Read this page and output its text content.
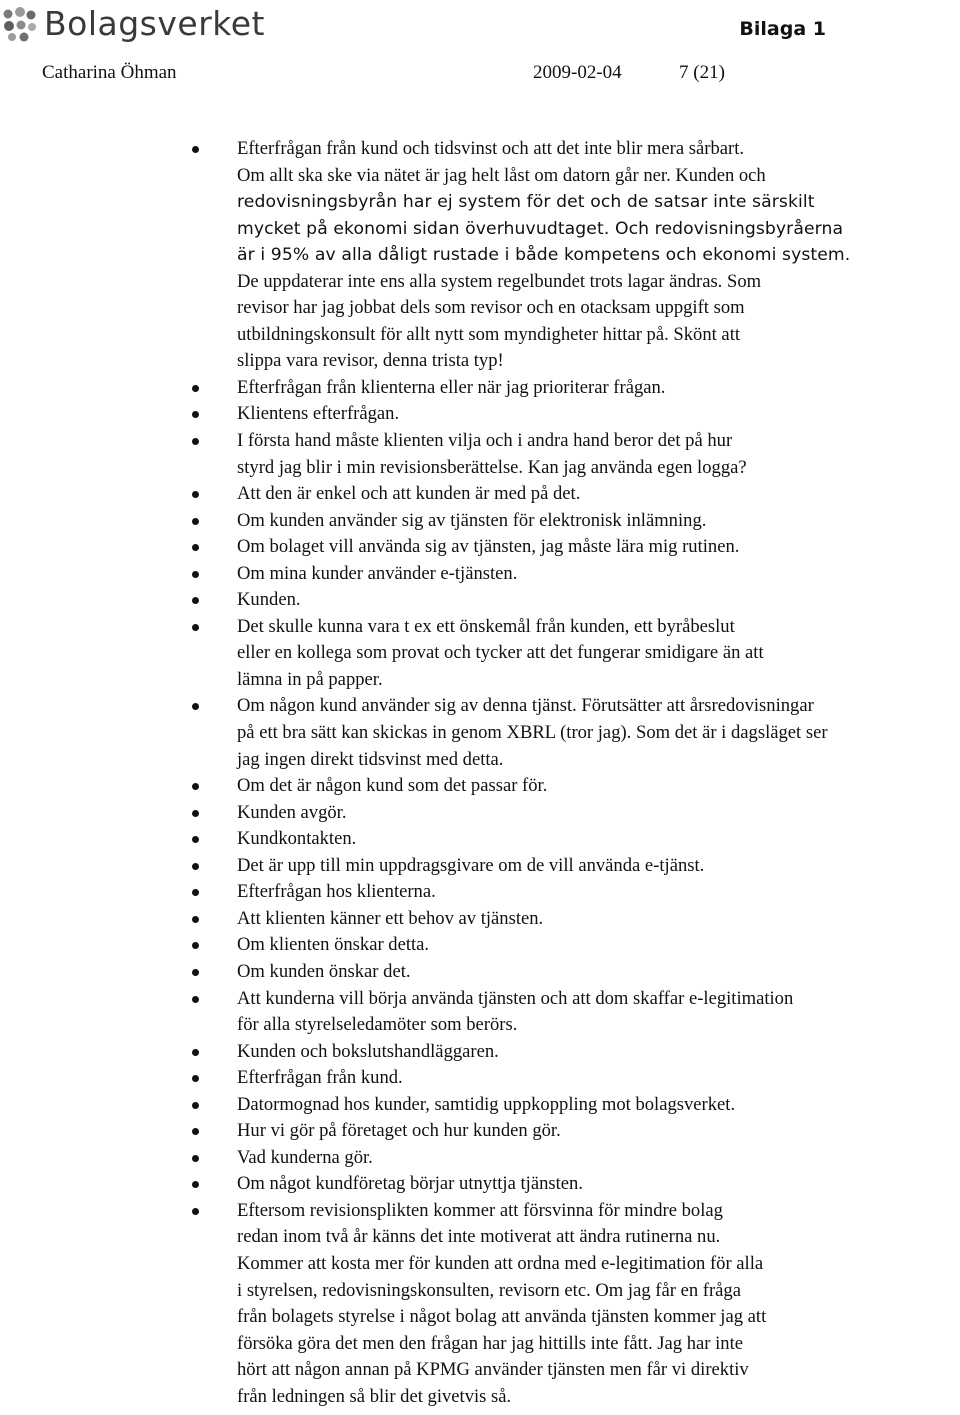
Bolagsverket	Bilaga 1
Catharina Öhman	2009-02-04	7 (21)
Efterfrågan från kund och tidsvinst och att det inte blir mera sårbart.
Om allt ska ske via nätet är jag helt låst om datorn går ner. Kunden och
redovisningsbyrån har ej system för det och de satsar inte särskilt
mycket på ekonomi sidan överhuvudtaget. Och redovisningsbyråerna
är i 95% av alla dåligt rustade i både kompetens och ekonomi system.
De uppdaterar inte ens alla system regelbundet trots lagar ändras. Som
revisor har jag jobbat dels som revisor och en otacksam uppgift som
utbildningskonsult för allt nytt som myndigheter hittar på. Skönt att
slippa vara revisor, denna trista typ!
Efterfrågan från klienterna eller när jag prioriterar frågan.
Klientens efterfrågan.
I första hand måste klienten vilja och i andra hand beror det på hur
styrd jag blir i min revisionsberättelse. Kan jag använda egen logga?
Att den är enkel och att kunden är med på det.
Om kunden använder sig av tjänsten för elektronisk inlämning.
Om bolaget vill använda sig av tjänsten, jag måste lära mig rutinen.
Om mina kunder använder e-tjänsten.
Kunden.
Det skulle kunna vara t ex ett önskemål från kunden, ett byråbeslut
eller en kollega som provat och tycker att det fungerar smidigare än att
lämna in på papper.
Om någon kund använder sig av denna tjänst. Förutsätter att årsredovisningar
på ett bra sätt kan skickas in genom XBRL (tror jag). Som det är i dagsläget ser
jag ingen direkt tidsvinst med detta.
Om det är någon kund som det passar för.
Kunden avgör.
Kundkontakten.
Det är upp till min uppdragsgivare om de vill använda e-tjänst.
Efterfrågan hos klienterna.
Att klienten känner ett behov av tjänsten.
Om klienten önskar detta.
Om kunden önskar det.
Att kunderna vill börja använda tjänsten och att dom skaffar e-legitimation
för alla styrelseledamöter som berörs.
Kunden och bokslutshandläggaren.
Efterfrågan från kund.
Datormognad hos kunder, samtidig uppkoppling mot bolagsverket.
Hur vi gör på företaget och hur kunden gör.
Vad kunderna gör.
Om något kundföretag börjar utnyttja tjänsten.
Eftersom revisionsplikten kommer att försvinna för mindre bolag
redan inom två år känns det inte motiverat att ändra rutinerna nu.
Kommer att kosta mer för kunden att ordna med e-legitimation för alla
i styrelsen, redovisningskonsulten, revisorn etc. Om jag får en fråga
från bolagets styrelse i något bolag att använda tjänsten kommer jag att
försöka göra det men den frågan har jag hittills inte fått. Jag har inte
hört att någon annan på KPMG använder tjänsten men får vi direktiv
från ledningen så blir det givetvis så.
